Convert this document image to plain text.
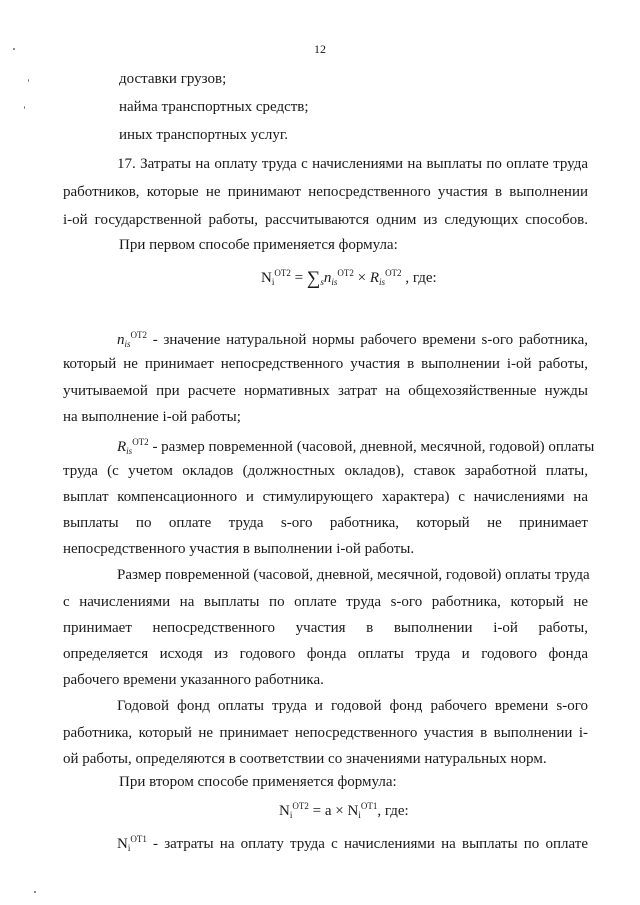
12
доставки грузов;
найма транспортных средств;
иных транспортных услуг.
17. Затраты на оплату труда с начислениями на выплаты по оплате труда
работников, которые не принимают непосредственного участия в выполнении
i-ой государственной работы, рассчитываются одним из следующих способов.
При первом способе применяется формула:
$N_i^{ОТ2} = \sum_sn_{is}^{ОТ2} \times R_{is}^{ОТ2}$ , где:
$n_{is}^{ОТ2}$ - значение натуральной нормы рабочего времени s-ого работника,
который не принимает непосредственного участия в выполнении i-ой работы,
учитываемой при расчете нормативных затрат на общехозяйственные нужды
на выполнение i-ой работы;
$R_{is}^{ОТ2}$ - размер повременной (часовой, дневной, месячной, годовой) оплаты
труда (с учетом окладов (должностных окладов), ставок заработной платы,
выплат компенсационного и стимулирующего характера) с начислениями на
выплаты по оплате труда s-ого работника, который не принимает
непосредственного участия в выполнении i-ой работы.
Размер повременной (часовой, дневной, месячной, годовой) оплаты труда
с начислениями на выплаты по оплате труда s-ого работника, который не
принимает непосредственного участия в выполнении i-ой работы,
определяется исходя из годового фонда оплаты труда и годового фонда
рабочего времени указанного работника.
Годовой фонд оплаты труда и годовой фонд рабочего времени s-ого
работника, который не принимает непосредственного участия в выполнении i-
ой работы, определяются в соответствии со значениями натуральных норм.
При втором способе применяется формула:
$N_i^{ОТ2} = a \times N_i^{ОТ1}$, где:
$N_i^{ОТ1}$ - затраты на оплату труда с начислениями на выплаты по оплате
